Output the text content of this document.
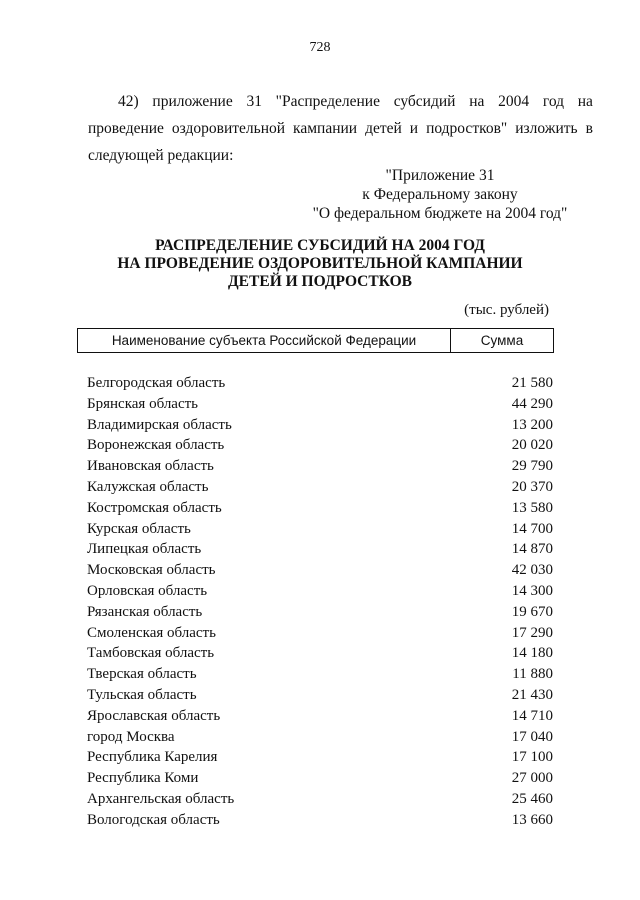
728
42) приложение 31 "Распределение субсидий на 2004 год на
проведение оздоровительной кампании детей и подростков" изложить в
следующей редакции:
"Приложение 31
к Федеральному закону
"О федеральном бюджете на 2004 год"
РАСПРЕДЕЛЕНИЕ СУБСИДИЙ НА 2004 ГОД
НА ПРОВЕДЕНИЕ ОЗДОРОВИТЕЛЬНОЙ КАМПАНИИ
ДЕТЕЙ И ПОДРОСТКОВ
(тыс. рублей)
Наименование субъекта Российской Федерации	Сумма
Белгородская область	21 580
Брянская область	44 290
Владимирская область	13 200
Воронежская область	20 020
Ивановская область	29 790
Калужская область	20 370
Костромская область	13 580
Курская область	14 700
Липецкая область	14 870
Московская область	42 030
Орловская область	14 300
Рязанская область	19 670
Смоленская область	17 290
Тамбовская область	14 180
Тверская область	11 880
Тульская область	21 430
Ярославская область	14 710
город Москва	17 040
Республика Карелия	17 100
Республика Коми	27 000
Архангельская область	25 460
Вологодская область	13 660
